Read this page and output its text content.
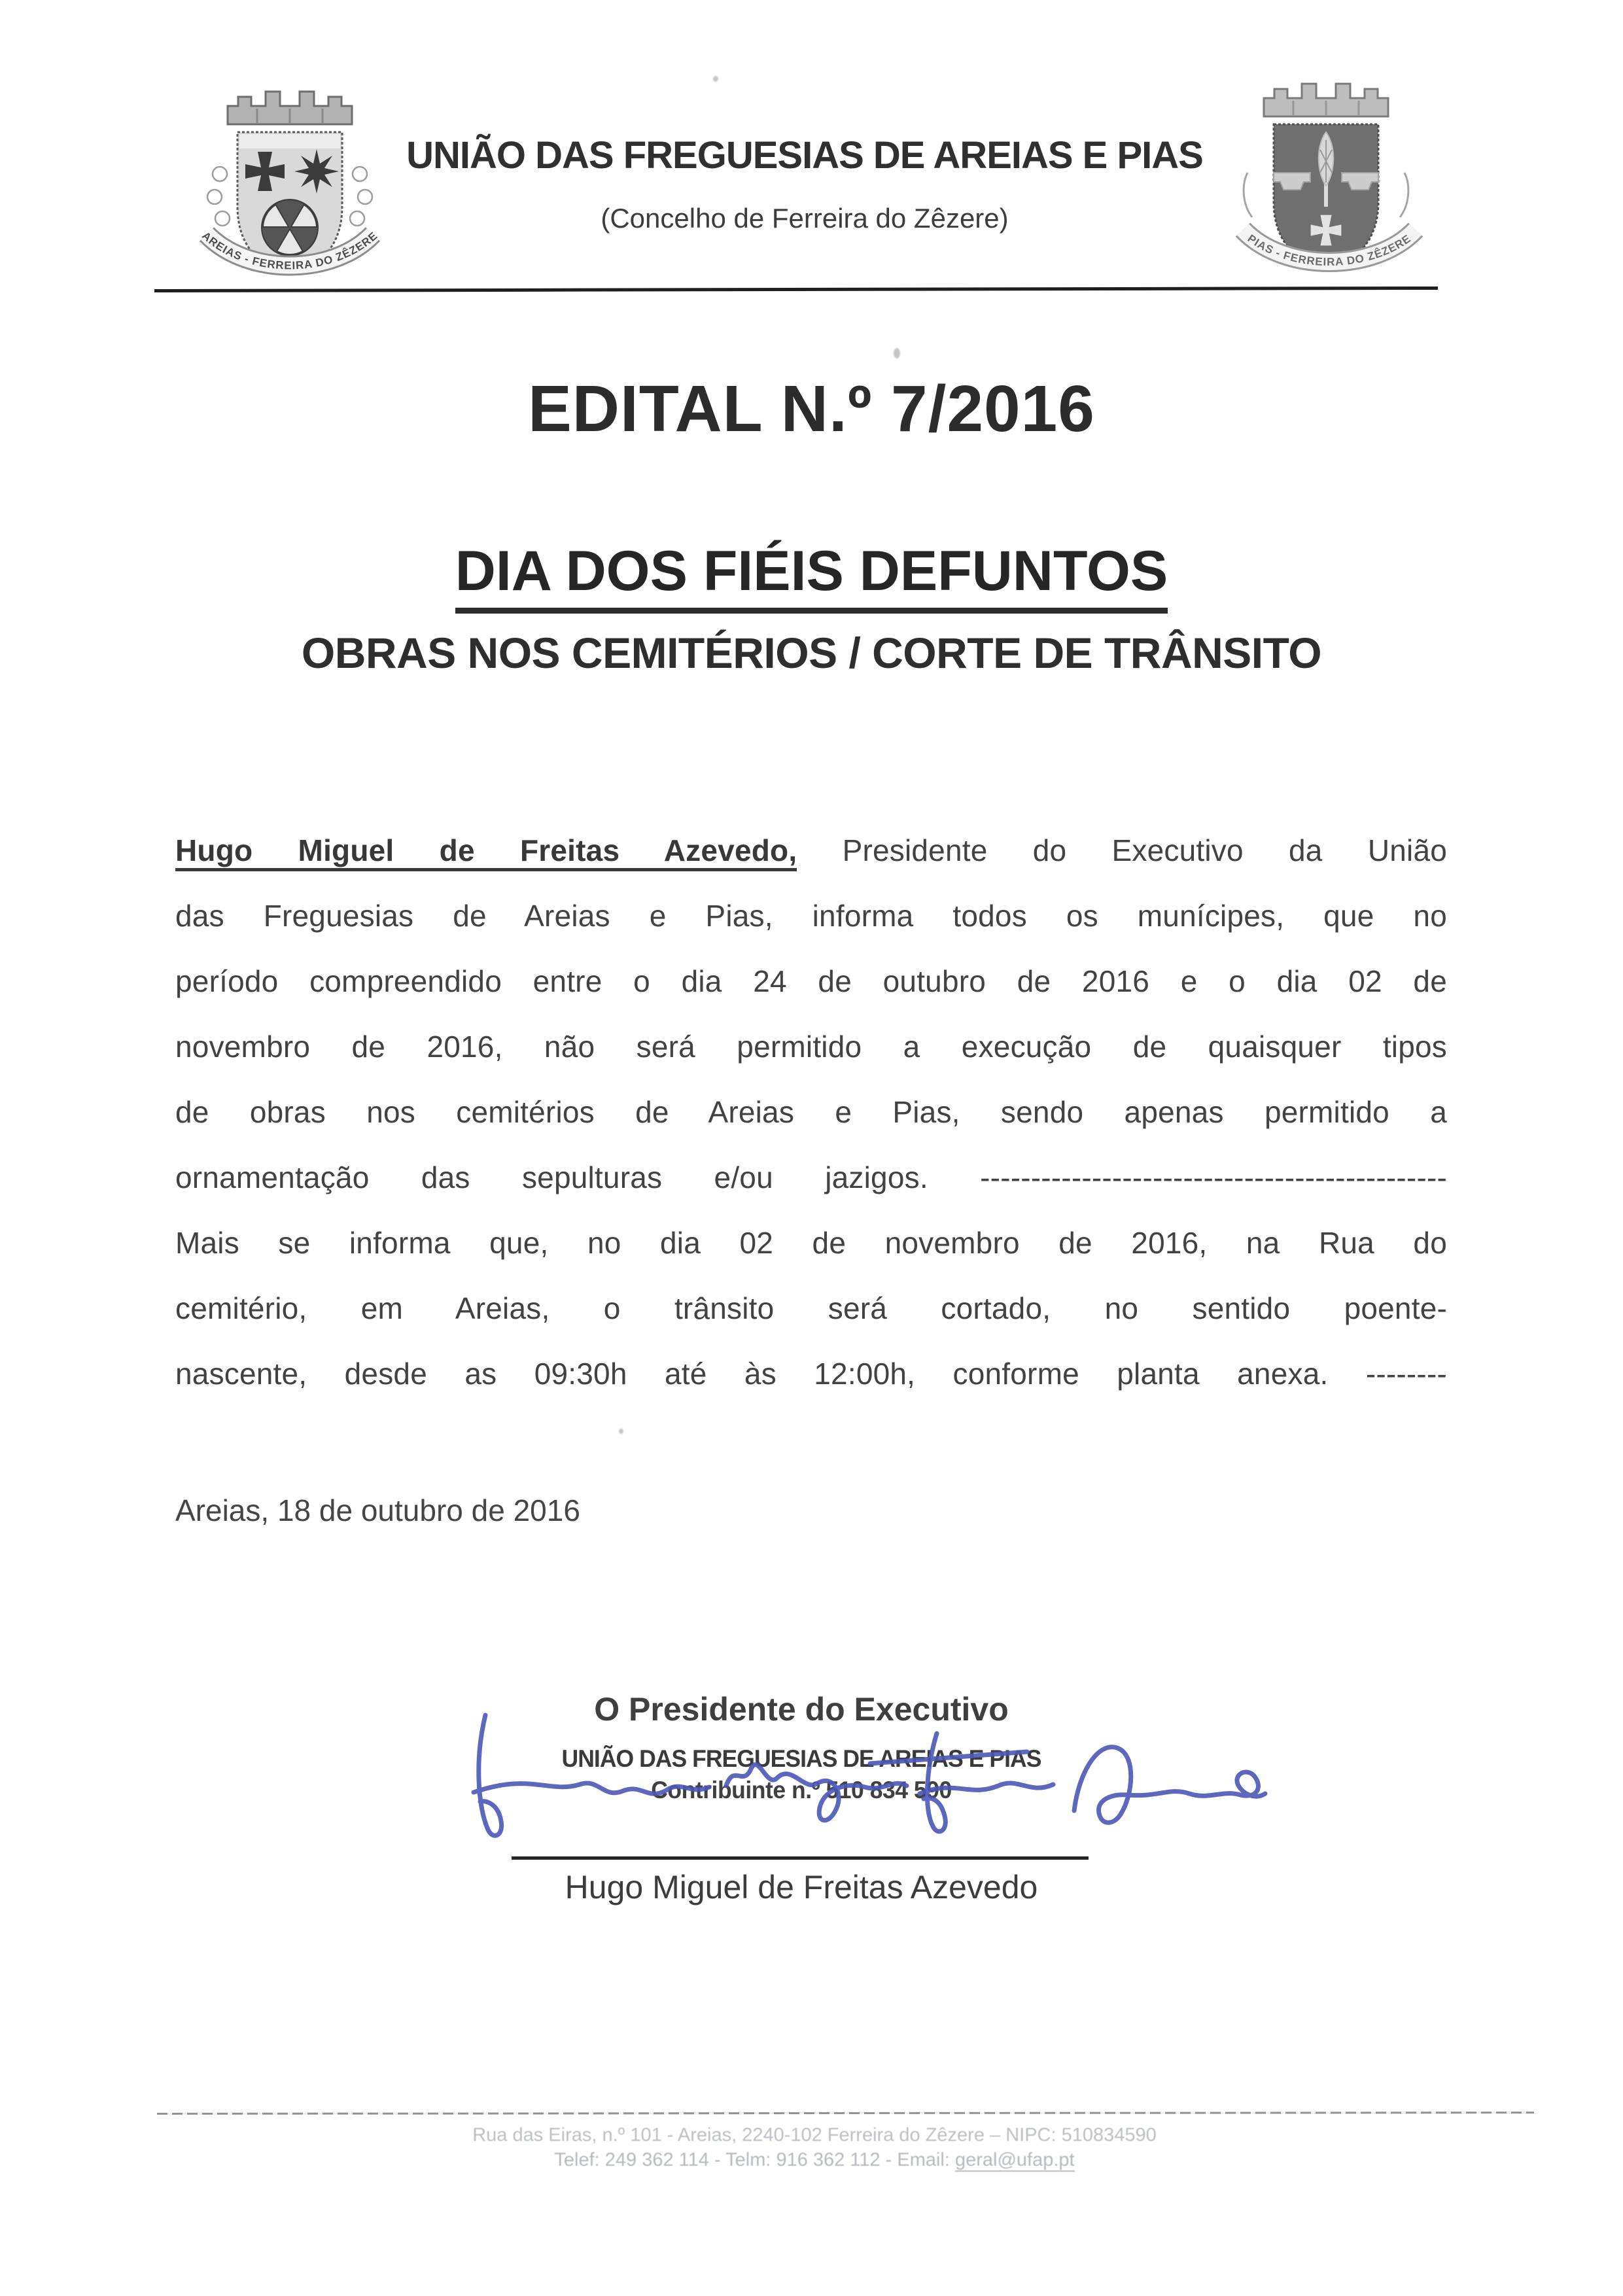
AREIAS - FERREIRA DO ZÊZERE	PIAS - FERREIRA DO ZÊZERE
UNIÃO DAS FREGUESIAS DE AREIAS E PIAS
(Concelho de Ferreira do Zêzere)
EDITAL N.º 7/2016
DIA DOS FIÉIS DEFUNTOS
OBRAS NOS CEMITÉRIOS / CORTE DE TRÂNSITO
Hugo Miguel de Freitas Azevedo, Presidente do Executivo da União
das Freguesias de Areias e Pias, informa todos os munícipes, que no
período compreendido entre o dia 24 de outubro de 2016 e o dia 02 de
novembro de 2016, não será permitido a execução de quaisquer tipos
de obras nos cemitérios de Areias e Pias, sendo apenas permitido a
ornamentação das sepulturas e/ou jazigos. ----------------------------------------------
Mais se informa que, no dia 02 de novembro de 2016, na Rua do
cemitério, em Areias, o trânsito será cortado, no sentido poente-
nascente, desde as 09:30h até às 12:00h, conforme planta anexa. --------
Areias, 18 de outubro de 2016
O Presidente do Executivo
UNIÃO DAS FREGUESIAS DE AREIAS E PIAS
Contribuinte n.º 510 834 590
Hugo Miguel de Freitas Azevedo
Rua das Eiras, n.º 101 - Areias, 2240-102 Ferreira do Zêzere – NIPC: 510834590
Telef: 249 362 114 - Telm: 916 362 112 - Email: geral@ufap.pt
